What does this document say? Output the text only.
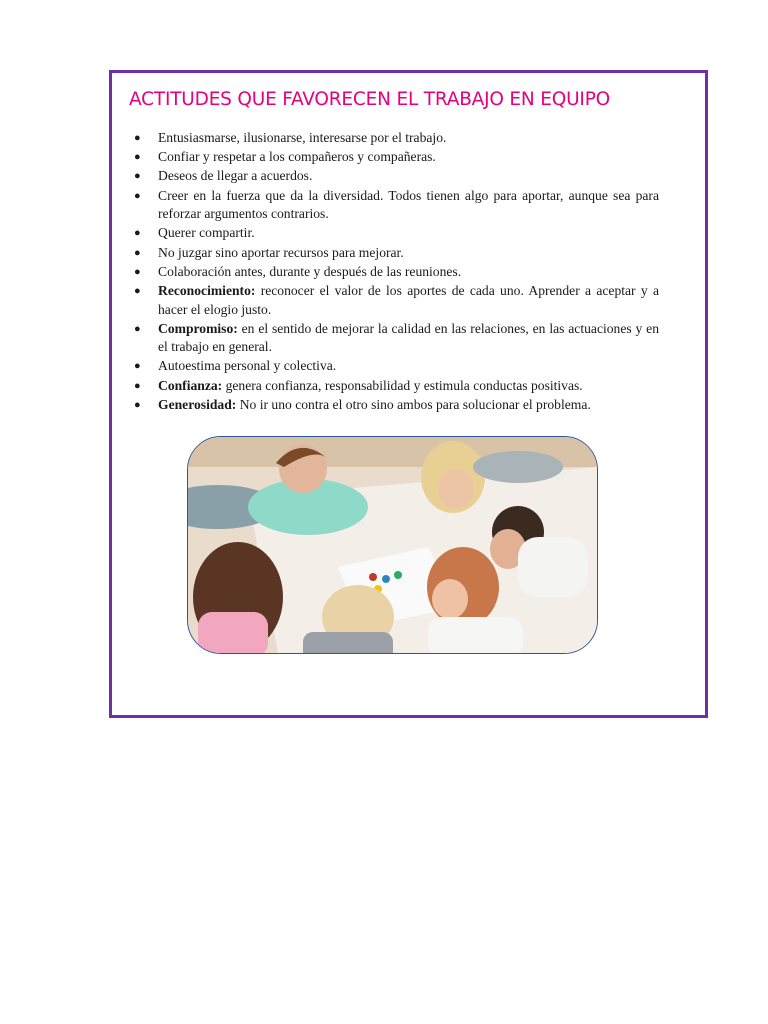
ACTITUDES QUE FAVORECEN EL TRABAJO EN EQUIPO
● Entusiasmarse, ilusionarse, interesarse por el trabajo.
● Confiar y respetar a los compañeros y compañeras.
● Deseos de llegar a acuerdos.
● Creer en la fuerza que da la diversidad. Todos tienen algo para aportar, aunque sea para reforzar argumentos contrarios.
● Querer compartir.
● No juzgar sino aportar recursos para mejorar.
● Colaboración antes, durante y después de las reuniones.
● Reconocimiento: reconocer el valor de los aportes de cada uno. Aprender a aceptar y a hacer el elogio justo.
● Compromiso: en el sentido de mejorar la calidad en las relaciones, en las actuaciones y en el trabajo en general.
● Autoestima personal y colectiva.
● Confianza: genera confianza, responsabilidad y estimula conductas positivas.
● Generosidad: No ir uno contra el otro sino ambos para solucionar el problema.
